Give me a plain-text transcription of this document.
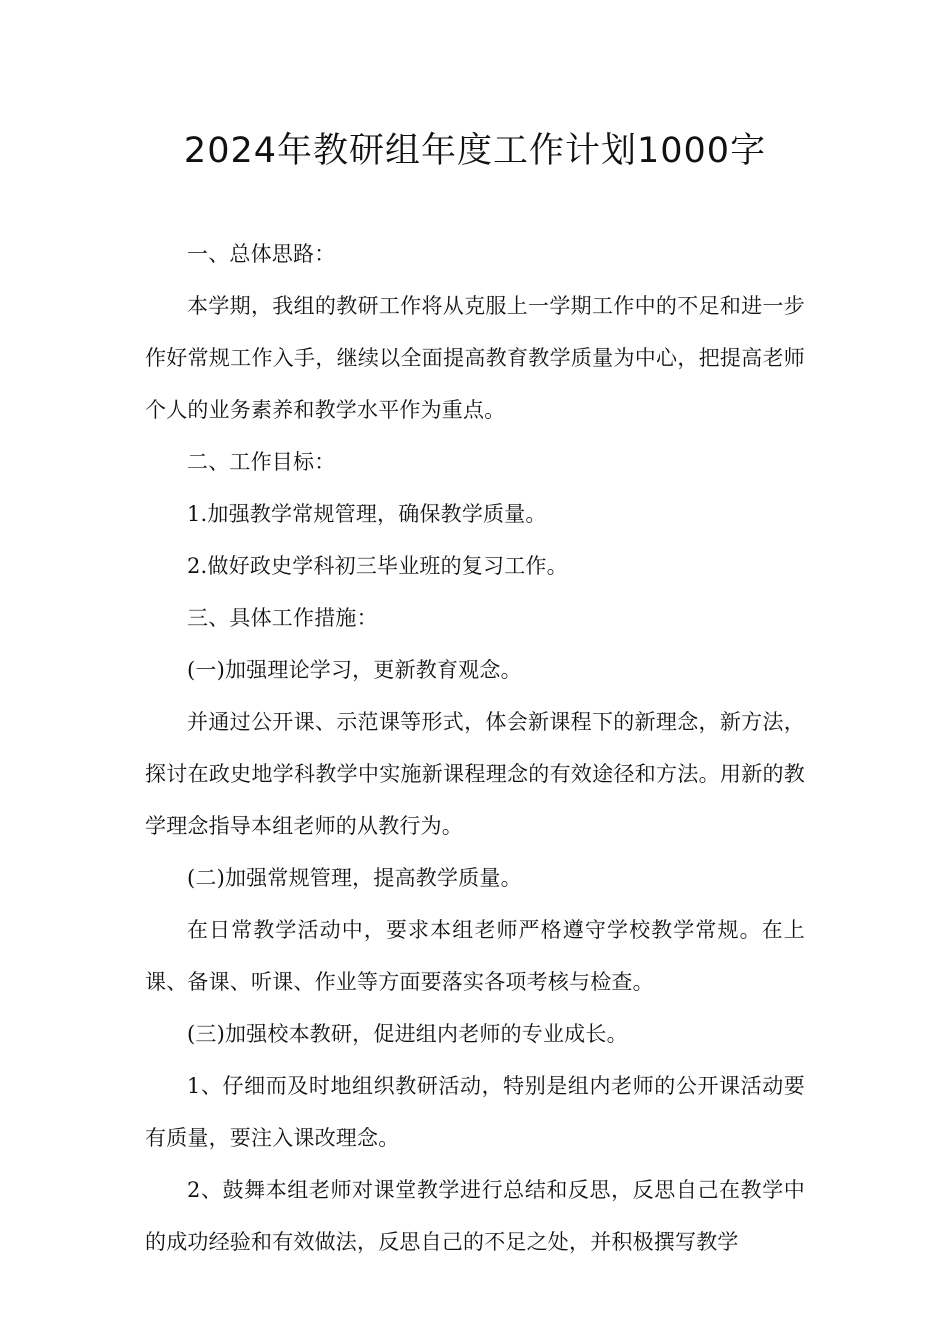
2024年教研组年度工作计划1000字

一、总体思路：

本学期，我组的教研工作将从克服上一学期工作中的不足和进一步作好常规工作入手，继续以全面提高教育教学质量为中心，把提高老师个人的业务素养和教学水平作为重点。

二、工作目标：

1.加强教学常规管理，确保教学质量。

2.做好政史学科初三毕业班的复习工作。

三、具体工作措施：

(一)加强理论学习，更新教育观念。

并通过公开课、示范课等形式，体会新课程下的新理念，新方法，探讨在政史地学科教学中实施新课程理念的有效途径和方法。用新的教学理念指导本组老师的从教行为。

(二)加强常规管理，提高教学质量。

在日常教学活动中，要求本组老师严格遵守学校教学常规。在上课、备课、听课、作业等方面要落实各项考核与检查。

(三)加强校本教研，促进组内老师的专业成长。

1、仔细而及时地组织教研活动，特别是组内老师的公开课活动要有质量，要注入课改理念。

2、鼓舞本组老师对课堂教学进行总结和反思，反思自己在教学中的成功经验和有效做法，反思自己的不足之处，并积极撰写教学
